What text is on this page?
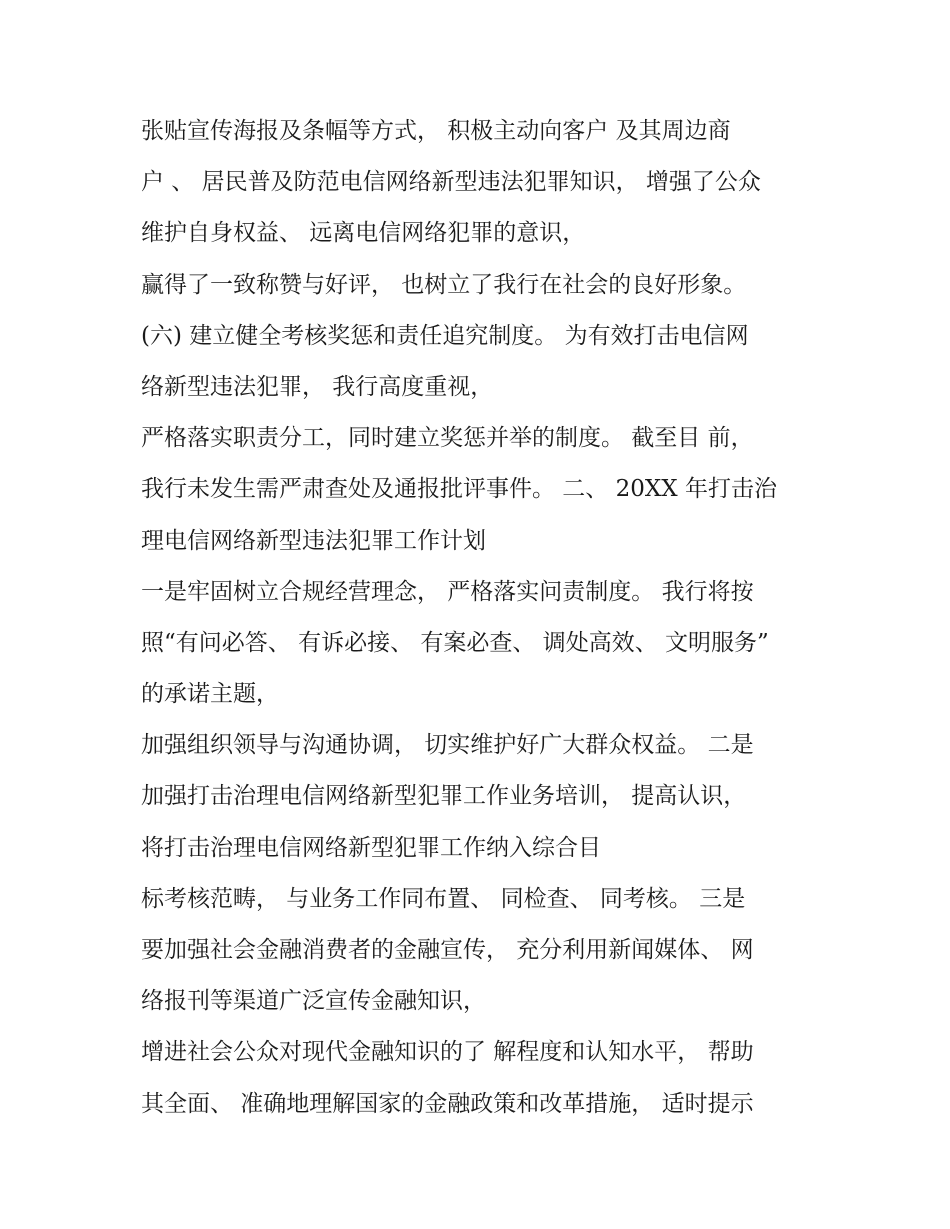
张贴宣传海报及条幅等方式， 积极主动向客户 及其周边商
户 、 居民普及防范电信网络新型违法犯罪知识， 增强了公众
维护自身权益、 远离电信网络犯罪的意识，
赢得了一致称赞与好评， 也树立了我行在社会的良好形象。
(六) 建立健全考核奖惩和责任追究制度。 为有效打击电信网
络新型违法犯罪， 我行高度重视，
严格落实职责分工，同时建立奖惩并举的制度。 截至目 前，
我行未发生需严肃查处及通报批评事件。 二、 20XX 年打击治
理电信网络新型违法犯罪工作计划
一是牢固树立合规经营理念， 严格落实问责制度。 我行将按
照“有问必答、 有诉必接、 有案必查、 调处高效、 文明服务”
的承诺主题，
加强组织领导与沟通协调， 切实维护好广大群众权益。 二是
加强打击治理电信网络新型犯罪工作业务培训， 提高认识，
将打击治理电信网络新型犯罪工作纳入综合目
标考核范畴， 与业务工作同布置、 同检查、 同考核。 三是
要加强社会金融消费者的金融宣传， 充分利用新闻媒体、 网
络报刊等渠道广泛宣传金融知识，
增进社会公众对现代金融知识的了 解程度和认知水平， 帮助
其全面、 准确地理解国家的金融政策和改革措施， 适时提示
